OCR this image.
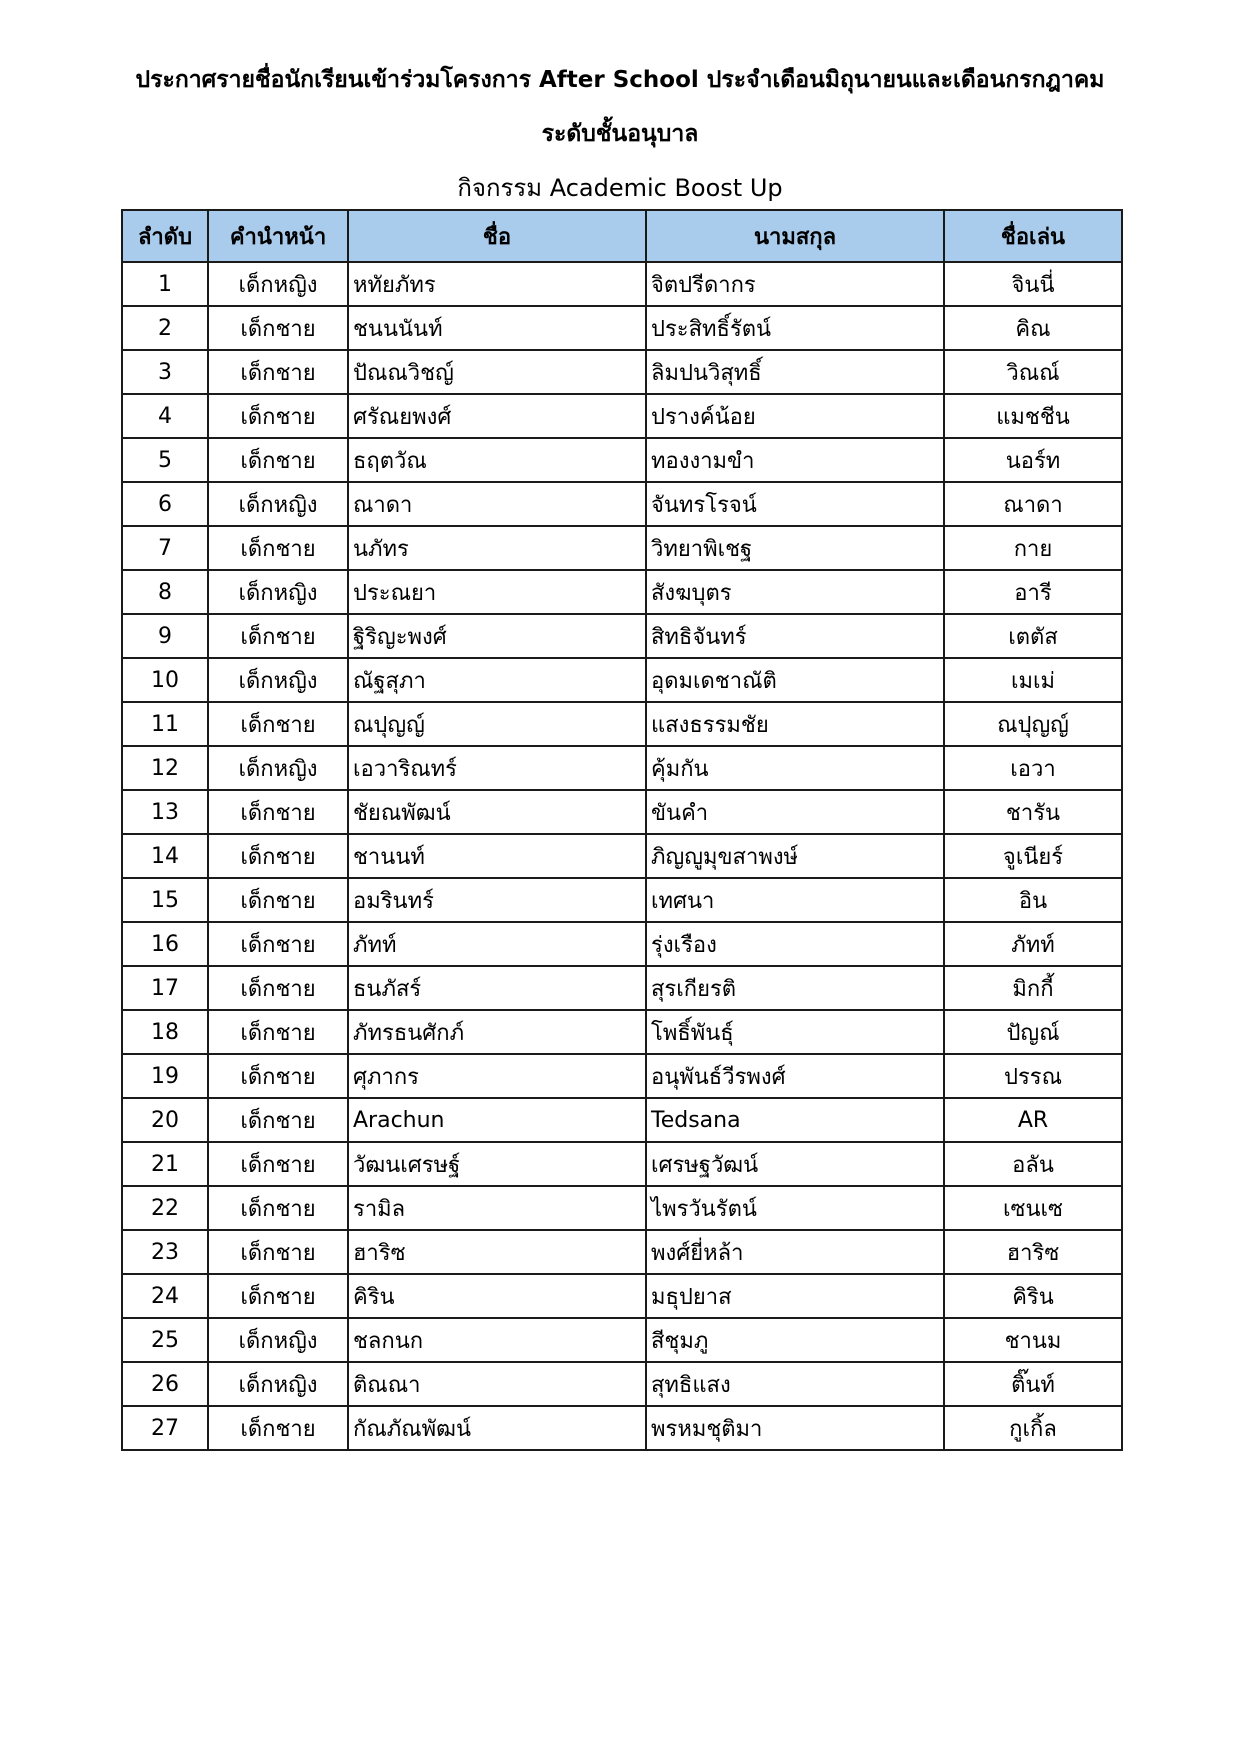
ประกาศรายชื่อนักเรียนเข้าร่วมโครงการ After School ประจำเดือนมิถุนายนและเดือนกรกฎาคม
ระดับชั้นอนุบาล
กิจกรรม Academic Boost Up
ลำดับ	คำนำหน้า	ชื่อ	นามสกุล	ชื่อเล่น
1	เด็กหญิง	หทัยภัทร	จิตปรีดากร	จินนี่
2	เด็กชาย	ชนนนันท์	ประสิทธิ์รัตน์	คิณ
3	เด็กชาย	ปัณณวิชญ์	ลิมปนวิสุทธิ์	วิณณ์
4	เด็กชาย	ศรัณยพงศ์	ปรางค์น้อย	แมชชีน
5	เด็กชาย	ธฤตวัณ	ทองงามขำ	นอร์ท
6	เด็กหญิง	ณาดา	จันทรโรจน์	ณาดา
7	เด็กชาย	นภัทร	วิทยาพิเชฐ	กาย
8	เด็กหญิง	ประณยา	สังฆบุตร	อารี
9	เด็กชาย	ฐิริญะพงศ์	สิทธิจันทร์	เตตัส
10	เด็กหญิง	ณัฐสุภา	อุดมเดชาณัติ	เมเม่
11	เด็กชาย	ณปุญญ์	แสงธรรมชัย	ณปุญญ์
12	เด็กหญิง	เอวาริณทร์	คุ้มกัน	เอวา
13	เด็กชาย	ชัยณพัฒน์	ขันคำ	ชารัน
14	เด็กชาย	ชานนท์	ภิญญูมุขสาพงษ์	จูเนียร์
15	เด็กชาย	อมรินทร์	เทศนา	อิน
16	เด็กชาย	ภัทท์	รุ่งเรือง	ภัทท์
17	เด็กชาย	ธนภัสร์	สุรเกียรติ	มิกกี้
18	เด็กชาย	ภัทรธนศักภ์	โพธิ์พันธุ์	ปัญณ์
19	เด็กชาย	ศุภากร	อนุพันธ์วีรพงศ์	ปรรณ
20	เด็กชาย	Arachun	Tedsana	AR
21	เด็กชาย	วัฒนเศรษฐ์	เศรษฐวัฒน์	อลัน
22	เด็กชาย	รามิล	ไพรวันรัตน์	เซนเซ
23	เด็กชาย	ฮาริซ	พงศ์ยี่หล้า	ฮาริซ
24	เด็กชาย	คิริน	มธุปยาส	คิริน
25	เด็กหญิง	ชลกนก	สีชุมภู	ชานม
26	เด็กหญิง	ติณณา	สุทธิแสง	ติ๊นท์
27	เด็กชาย	กัณภัณพัฒน์	พรหมชุติมา	กูเกิ้ล
